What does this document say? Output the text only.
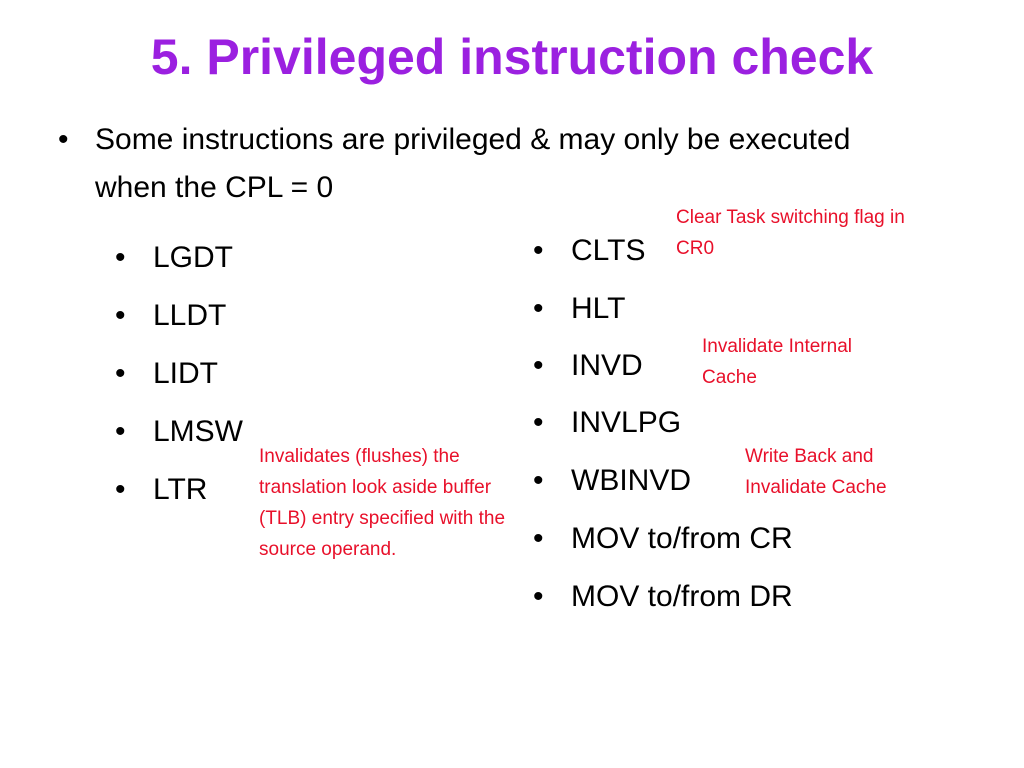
5. Privileged instruction check
• Some instructions are privileged & may only be executed when the CPL = 0
• LGDT
• LLDT
• LIDT
• LMSW
• LTR
• CLTS
• HLT
• INVD
• INVLPG
• WBINVD
• MOV to/from CR
• MOV to/from DR
Clear Task switching flag in CR0
Invalidate Internal Cache
Invalidates (flushes) the translation look aside buffer (TLB) entry specified with the source operand.
Write Back and Invalidate Cache
